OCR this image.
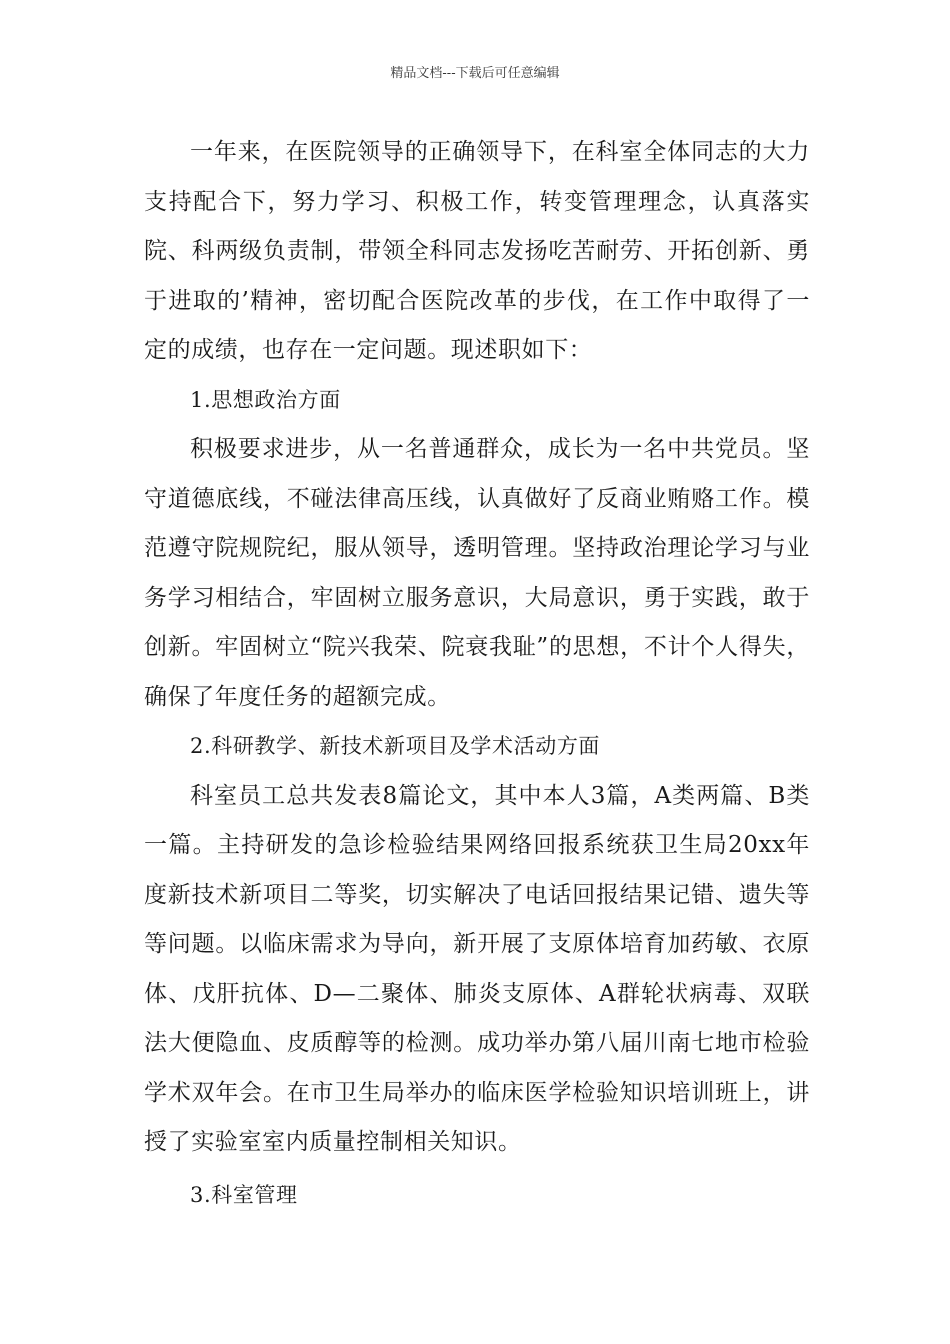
精品文档---下载后可任意编辑

一年来，在医院领导的正确领导下，在科室全体同志的大力支持配合下，努力学习、积极工作，转变管理理念，认真落实院、科两级负责制，带领全科同志发扬吃苦耐劳、开拓创新、勇于进取的’精神，密切配合医院改革的步伐，在工作中取得了一定的成绩，也存在一定问题。现述职如下：

1.思想政治方面

积极要求进步，从一名普通群众，成长为一名中共党员。坚守道德底线，不碰法律高压线，认真做好了反商业贿赂工作。模范遵守院规院纪，服从领导，透明管理。坚持政治理论学习与业务学习相结合，牢固树立服务意识，大局意识，勇于实践，敢于创新。牢固树立“院兴我荣、院衰我耻”的思想，不计个人得失，确保了年度任务的超额完成。

2.科研教学、新技术新项目及学术活动方面

科室员工总共发表8篇论文，其中本人3篇，A类两篇、B类一篇。主持研发的急诊检验结果网络回报系统获卫生局20xx年度新技术新项目二等奖，切实解决了电话回报结果记错、遗失等等问题。以临床需求为导向，新开展了支原体培育加药敏、衣原体、戊肝抗体、D—二聚体、肺炎支原体、A群轮状病毒、双联法大便隐血、皮质醇等的检测。成功举办第八届川南七地市检验学术双年会。在市卫生局举办的临床医学检验知识培训班上，讲授了实验室室内质量控制相关知识。

3.科室管理
